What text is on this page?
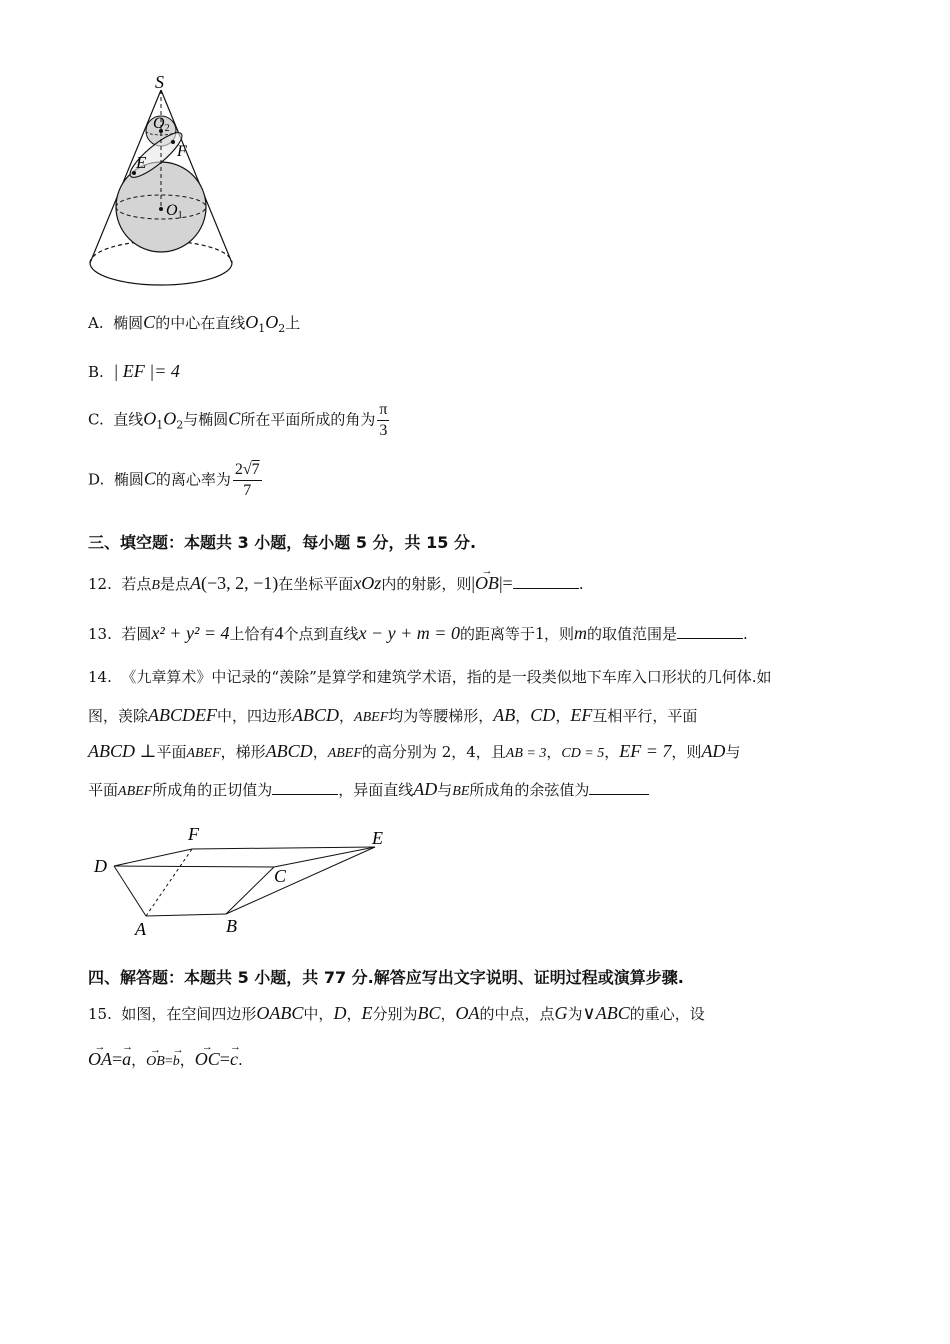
S
O2
E
F
O1
A. 椭圆C的中心在直线$O_1O_2$上
B. | EF |= 4
C. 直线$O_1O_2$与椭圆C所在平面所成的角为 $\frac{\pi}{3}$
D. 椭圆C的离心率为 $\frac{2√7}{7}$
三、填空题：本题共 3 小题，每小题 5 分，共 15 分.
12. 若点B是点A(−3, 2, −1)在坐标平面xOz内的射影，则|→ OB|=	.
13. 若圆x² + y² = 4上恰有4个点到直线x − y + m = 0的距离等于1，则m的取值范围是	.
14. 《九章算术》中记录的“羡除”是算学和建筑学术语，指的是一段类似地下车库入口形状的几何体.如
图，羡除ABCDEF中，四边形ABCD，ABEF均为等腰梯形，AB，CD，EF互相平行，平面
ABCD ⊥平面ABEF，梯形ABCD，ABEF的高分别为 2，4，且AB = 3，CD = 5，EF = 7，则AD与
平面ABEF所成角的正切值为	，异面直线AD与BE所成角的余弦值为
F	E
D	C
A	B
四、解答题：本题共 5 小题，共 77 分.解答应写出文字说明、证明过程或演算步骤.
15. 如图，在空间四边形OABC中，D，E分别为BC，OA的中点，点G为∨ABC的重心，设
→ OA=→ a，→ OB=→ b，→ OC=→ c.
